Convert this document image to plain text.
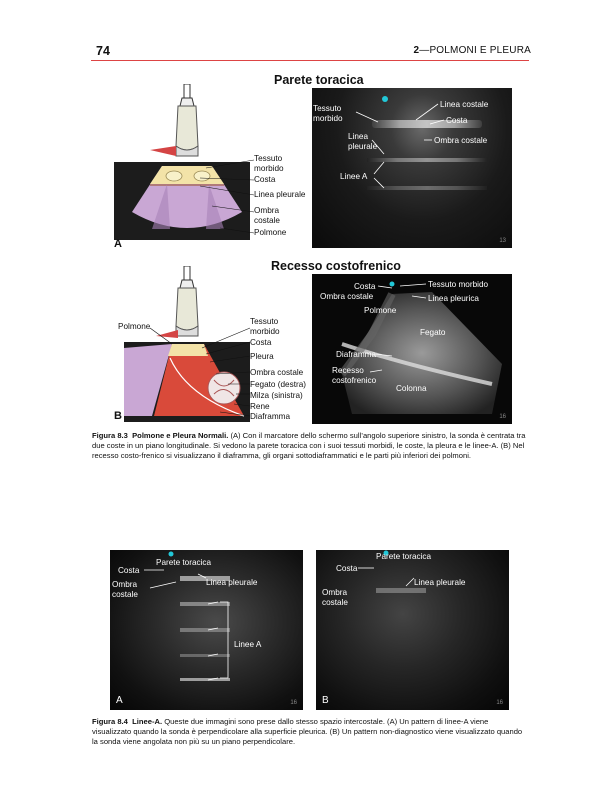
74	2—POLMONI E PLEURA
Parete toracica
A
Tessuto
morbido
Costa
Linea pleurale
Ombra
costale
Polmone
Tessuto
morbido
Linea costale
Costa
Linea
pleurale
Ombra costale
Linee A
13
Recesso costofrenico
B
Polmone
Tessuto
morbido
Costa
Pleura
Ombra costale
Fegato (destra)
Milza (sinistra)
Rene
Diaframma
Costa
Ombra costale
Tessuto morbido
Linea pleurica
Polmone
Fegato
Diaframma
Recesso
costofrenico
Colonna
16
Figura 8.3 Polmone e Pleura Normali. (A) Con il marcatore dello schermo sull’angolo superiore sinistro, la sonda è centrata tra due coste in un piano longitudinale. Si vedono la parete toracica con i suoi tessuti morbidi, le coste, la pleura e le linee-A. (B) Nel recesso costo-frenico si visualizzano il diaframma, gli organi sottodiaframmatici e le parti più inferiori dei polmoni.
Parete toracica
Costa
Ombra
costale
Linea pleurale
Linee A
A	16
Parete toracica
Costa
Ombra
costale
Linea pleurale
B	16
Figura 8.4 Linee-A. Queste due immagini sono prese dallo stesso spazio intercostale. (A) Un pattern di linee-A viene visualizzato quando la sonda è perpendicolare alla superficie pleurica. (B) Un pattern non-diagnostico viene visualizzato quando la sonda viene angolata non più su un piano perpendicolare.
